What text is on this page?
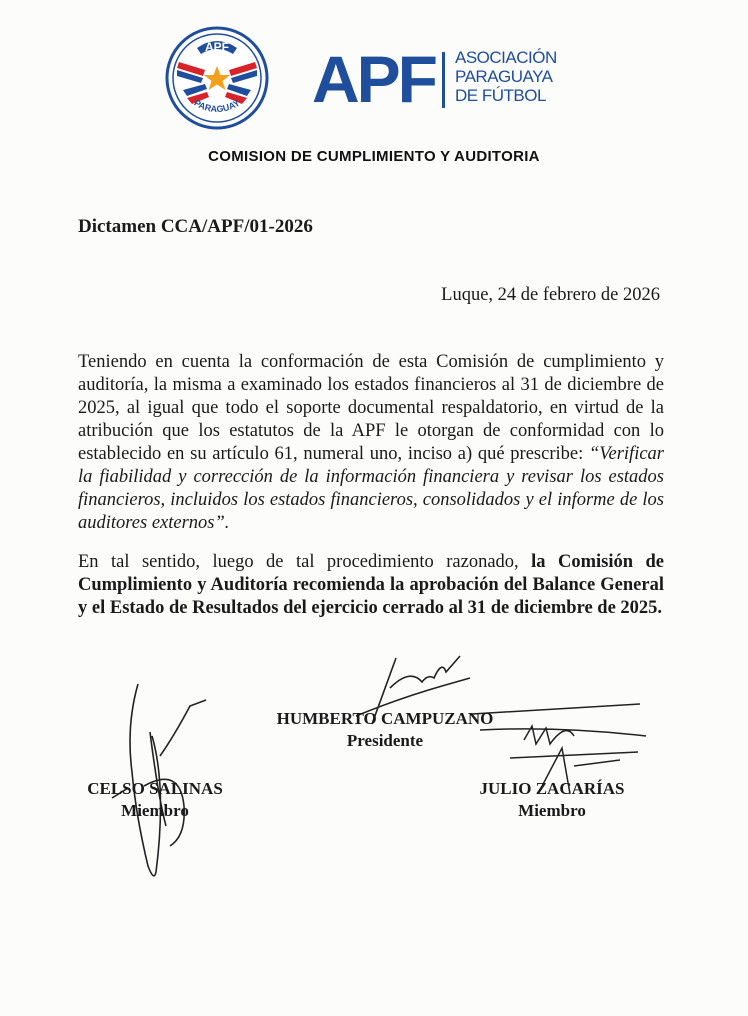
APF
PARAGUAY APF ASOCIACIÓN
PARAGUAYA
DE FÚTBOL
COMISION DE CUMPLIMIENTO Y AUDITORIA
Dictamen CCA/APF/01-2026
Luque, 24 de febrero de 2026

Teniendo en cuenta la conformación de esta Comisión de cumplimiento y auditoría, la misma a examinado los estados financieros al 31 de diciembre de 2025, al igual que todo el soporte documental respaldatorio, en virtud de la atribución que los estatutos de la APF le otorgan de conformidad con lo establecido en su artículo 61, numeral uno, inciso a) qué prescribe: “Verificar la fiabilidad y corrección de la información financiera y revisar los estados financieros, incluidos los estados financieros, consolidados y el informe de los auditores externos”.

En tal sentido, luego de tal procedimiento razonado, la Comisión de Cumplimiento y Auditoría recomienda la aprobación del Balance General y el Estado de Resultados del ejercicio cerrado al 31 de diciembre de 2025.

HUMBERTO CAMPUZANO
Presidente
CELSO SALINAS
Miembro
JULIO ZACARÍAS
Miembro
